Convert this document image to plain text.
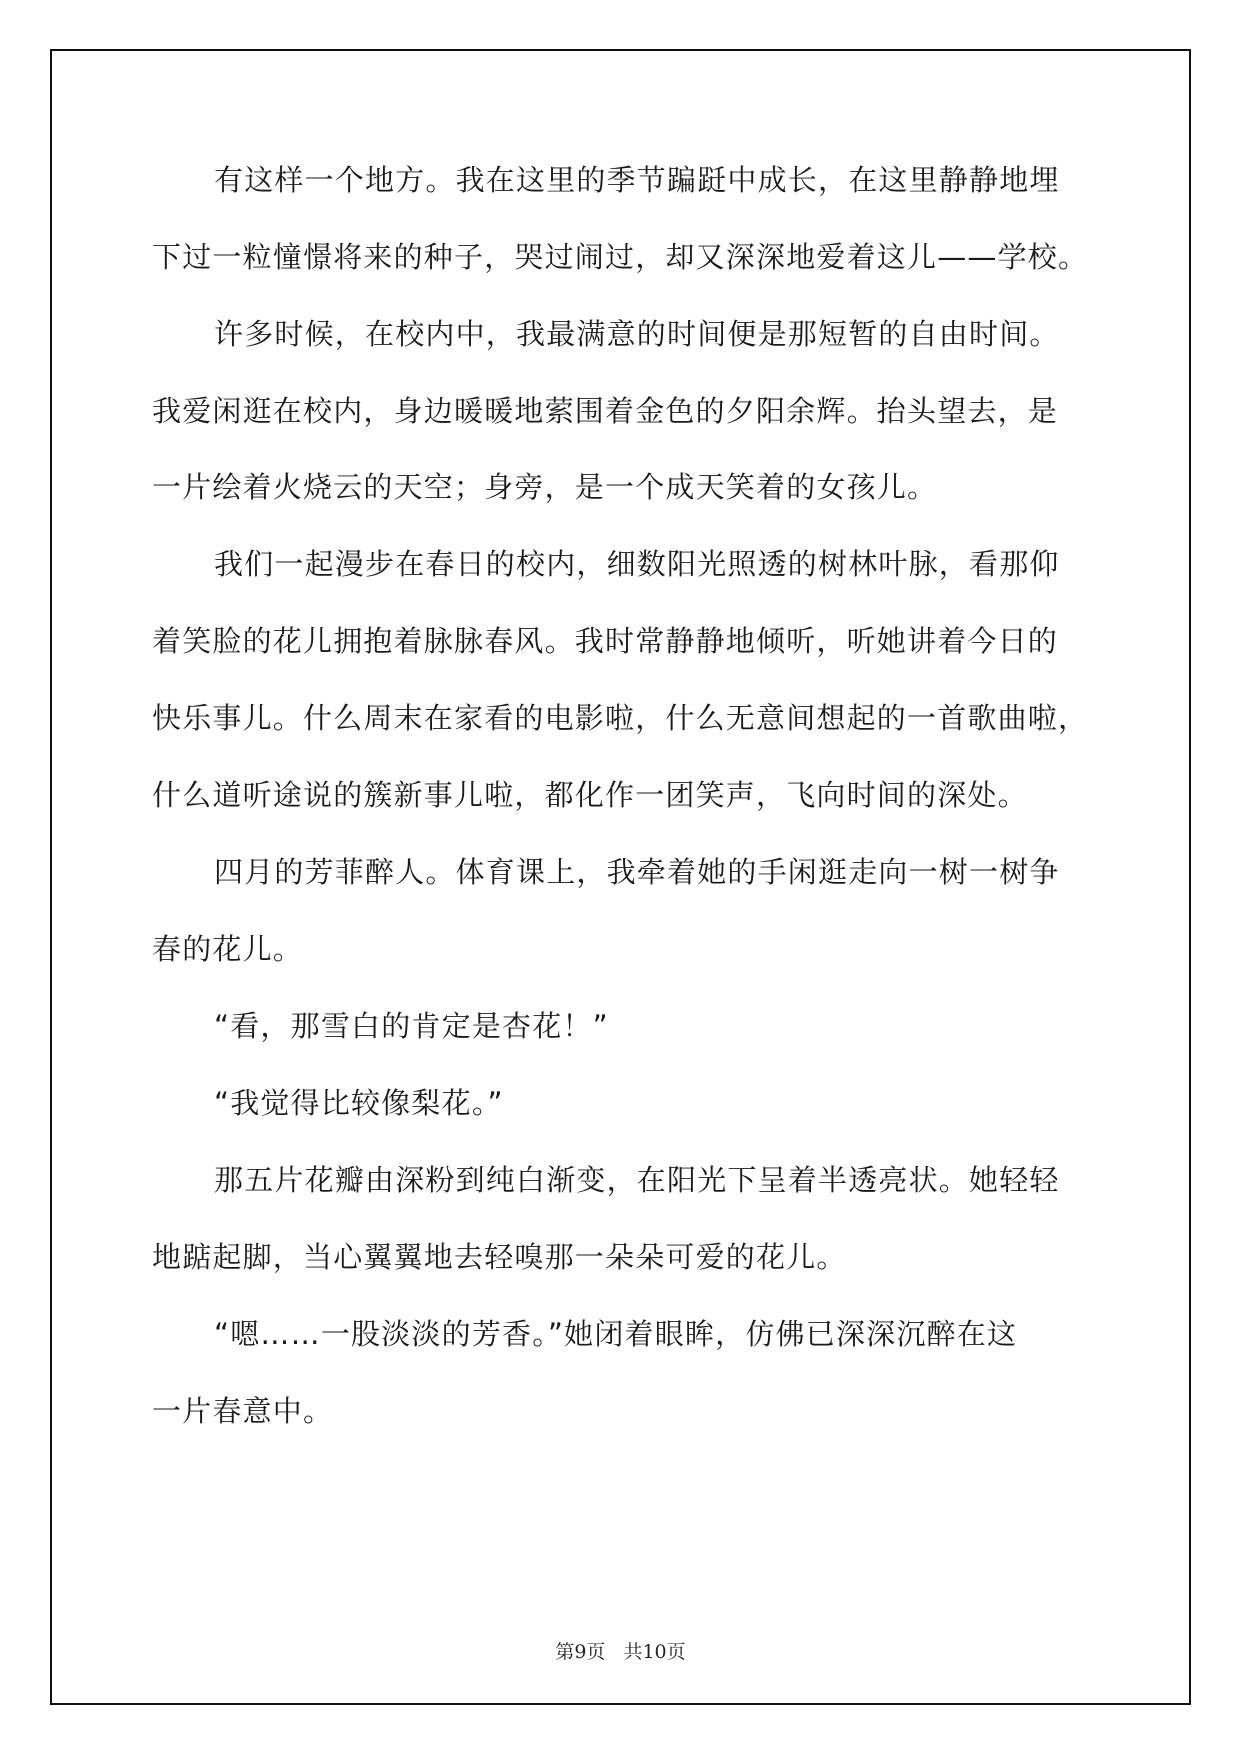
有这样一个地方。我在这里的季节蹁跹中成长，在这里静静地埋
下过一粒憧憬将来的种子，哭过闹过，却又深深地爱着这儿——学校。
许多时候，在校内中，我最满意的时间便是那短暂的自由时间。
我爱闲逛在校内，身边暖暖地萦围着金色的夕阳余辉。抬头望去，是
一片绘着火烧云的天空；身旁，是一个成天笑着的女孩儿。
我们一起漫步在春日的校内，细数阳光照透的树林叶脉，看那仰
着笑脸的花儿拥抱着脉脉春风。我时常静静地倾听，听她讲着今日的
快乐事儿。什么周末在家看的电影啦，什么无意间想起的一首歌曲啦，
什么道听途说的簇新事儿啦，都化作一团笑声，飞向时间的深处。
四月的芳菲醉人。体育课上，我牵着她的手闲逛走向一树一树争
春的花儿。
“看，那雪白的肯定是杏花！”
“我觉得比较像梨花。”
那五片花瓣由深粉到纯白渐变，在阳光下呈着半透亮状。她轻轻
地踮起脚，当心翼翼地去轻嗅那一朵朵可爱的花儿。
“嗯……一股淡淡的芳香。”她闭着眼眸，仿佛已深深沉醉在这
一片春意中。
第9页 共10页
